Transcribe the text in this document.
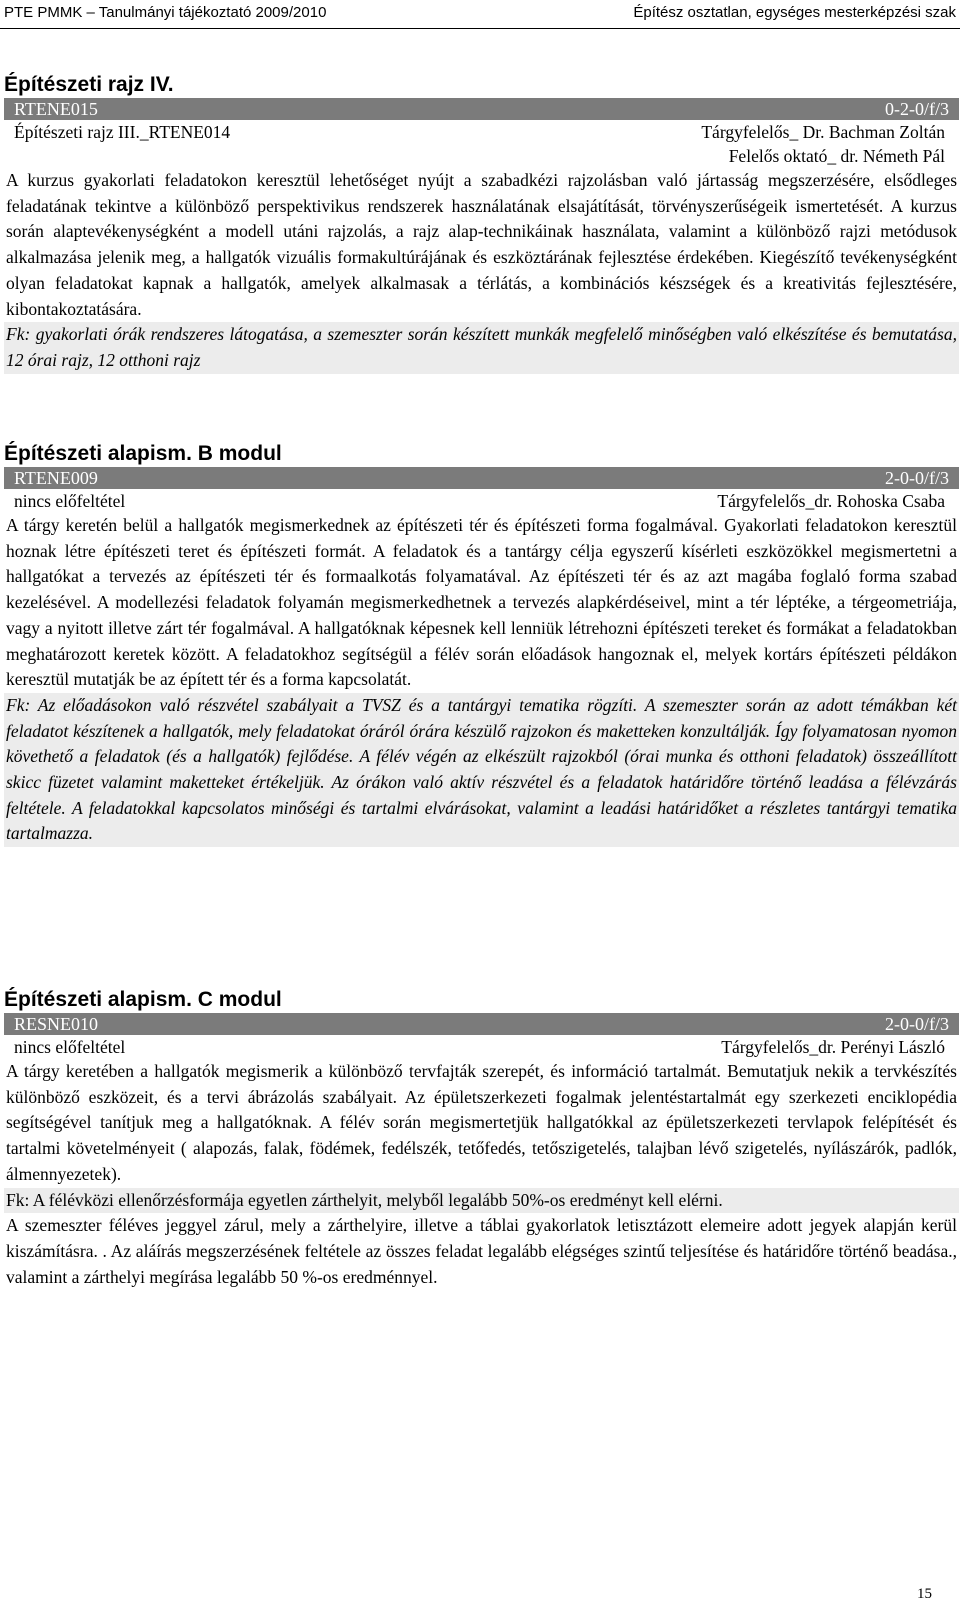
PTE PMMK – Tanulmányi tájékoztató 2009/2010	Építész osztatlan, egységes mesterképzési szak
Építészeti rajz IV.
RTENE015	0-2-0/f/3
Építészeti rajz III._RTENE014	Tárgyfelelős_ Dr. Bachman Zoltán
Felelős oktató_ dr. Németh Pál

A kurzus gyakorlati feladatokon keresztül lehetőséget nyújt a szabadkézi rajzolásban való jártasság megszerzésére, elsődleges feladatának tekintve a különböző perspektivikus rendszerek használatának elsajátítását, törvényszerűségeik ismertetését. A kurzus során alaptevékenységként a modell utáni rajzolás, a rajz alap-technikáinak használata, valamint a különböző rajzi metódusok alkalmazása jelenik meg, a hallgatók vizuális formakultúrájának és eszköztárának fejlesztése érdekében. Kiegészítő tevékenységként olyan feladatokat kapnak a hallgatók, amelyek alkalmasak a térlátás, a kombinációs készségek és a kreativitás fejlesztésére, kibontakoztatására.

Fk: gyakorlati órák rendszeres látogatása, a szemeszter során készített munkák megfelelő minőségben való elkészítése és bemutatása, 12 órai rajz, 12 otthoni rajz

Építészeti alapism. B modul
RTENE009	2-0-0/f/3
nincs előfeltétel	Tárgyfelelős_dr. Rohoska Csaba

A tárgy keretén belül a hallgatók megismerkednek az építészeti tér és építészeti forma fogalmával. Gyakorlati feladatokon keresztül hoznak létre építészeti teret és építészeti formát. A feladatok és a tantárgy célja egyszerű kísérleti eszközökkel megismertetni a hallgatókat a tervezés az építészeti tér és formaalkotás folyamatával. Az építészeti tér és az azt magába foglaló forma szabad kezelésével. A modellezési feladatok folyamán megismerkedhetnek a tervezés alapkérdéseivel, mint a tér léptéke, a térgeometriája, vagy a nyitott illetve zárt tér fogalmával. A hallgatóknak képesnek kell lenniük létrehozni építészeti tereket és formákat a feladatokban meghatározott keretek között. A feladatokhoz segítségül a félév során előadások hangoznak el, melyek kortárs építészeti példákon keresztül mutatják be az épített tér és a forma kapcsolatát.

Fk: Az előadásokon való részvétel szabályait a TVSZ és a tantárgyi tematika rögzíti. A szemeszter során az adott témákban két feladatot készítenek a hallgatók, mely feladatokat óráról órára készülő rajzokon és maketteken konzultálják. Így folyamatosan nyomon követhető a feladatok (és a hallgatók) fejlődése. A félév végén az elkészült rajzokból (órai munka és otthoni feladatok) összeállított skicc füzetet valamint maketteket értékeljük. Az órákon való aktív részvétel és a feladatok határidőre történő leadása a félévzárás feltétele. A feladatokkal kapcsolatos minőségi és tartalmi elvárásokat, valamint a leadási határidőket a részletes tantárgyi tematika tartalmazza.

Építészeti alapism. C modul
RESNE010	2-0-0/f/3
nincs előfeltétel	Tárgyfelelős_dr. Perényi László

A tárgy keretében a hallgatók megismerik a különböző tervfajták szerepét, és információ tartalmát. Bemutatjuk nekik a tervkészítés különböző eszközeit, és a tervi ábrázolás szabályait. Az épületszerkezeti fogalmak jelentéstartalmát egy szerkezeti enciklopédia segítségével tanítjuk meg a hallgatóknak. A félév során megismertetjük hallgatókkal az épületszerkezeti tervlapok felépítését és tartalmi követelményeit ( alapozás, falak, födémek, fedélszék, tetőfedés, tetőszigetelés, talajban lévő szigetelés, nyílászárók, padlók, álmennyezetek).

Fk: A félévközi ellenőrzésformája egyetlen zárthelyit, melyből legalább 50%-os eredményt kell elérni.

A szemeszter féléves jeggyel zárul, mely a zárthelyire, illetve a táblai gyakorlatok letisztázott elemeire adott jegyek alapján kerül kiszámításra. . Az aláírás megszerzésének feltétele az összes feladat legalább elégséges szintű teljesítése és határidőre történő beadása., valamint a zárthelyi megírása legalább 50 %-os eredménnyel.

15
